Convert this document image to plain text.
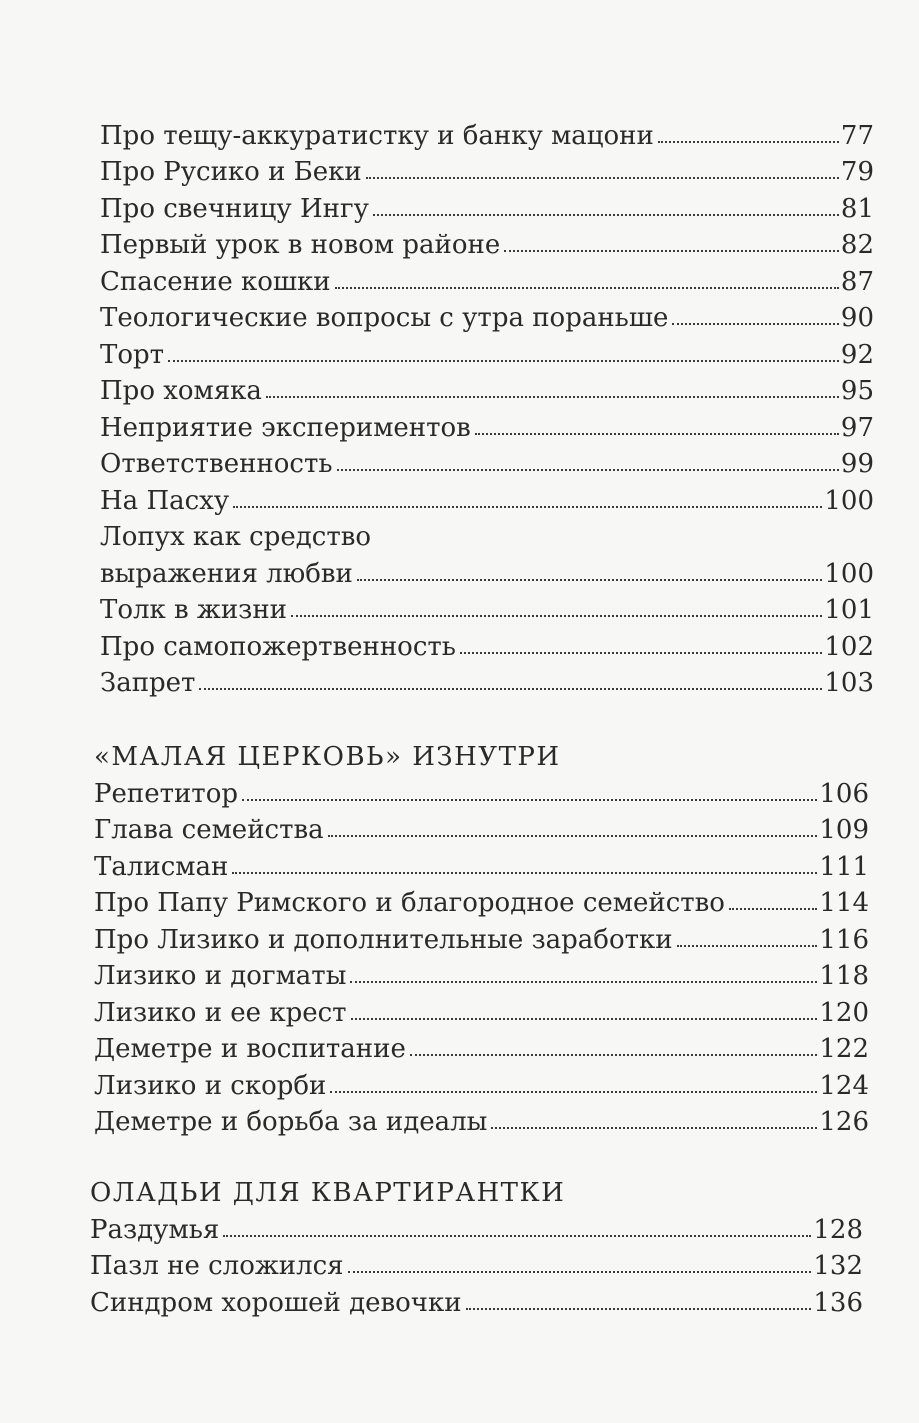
Про тещу-аккуратистку и банку мацони	77
Про Русико и Беки	79
Про свечницу Ингу	81
Первый урок в новом районе	82
Спасение кошки	87
Теологические вопросы с утра пораньше	90
Торт	92
Про хомяка	95
Неприятие экспериментов	97
Ответственность	99
На Пасху	100
Лопух как средство
выражения любви	100
Толк в жизни	101
Про самопожертвенность	102
Запрет	103
«МАЛАЯ ЦЕРКОВЬ» ИЗНУТРИ
Репетитор	106
Глава семейства	109
Талисман	111
Про Папу Римского и благородное семейство	114
Про Лизико и дополнительные заработки	116
Лизико и догматы	118
Лизико и ее крест	120
Деметре и воспитание	122
Лизико и скорби	124
Деметре и борьба за идеалы	126
ОЛАДЬИ ДЛЯ КВАРТИРАНТКИ
Раздумья	128
Пазл не сложился	132
Синдром хорошей девочки	136
